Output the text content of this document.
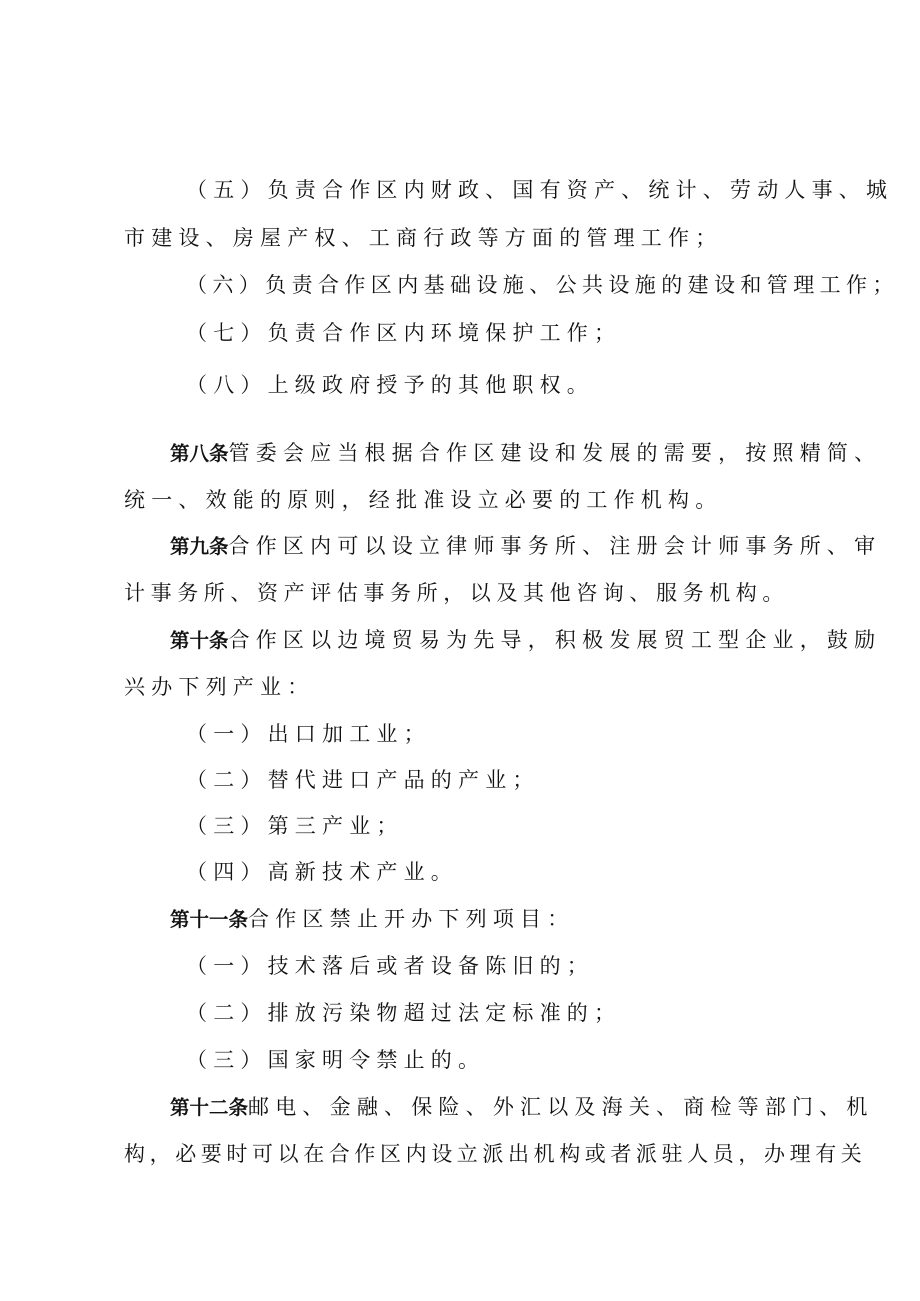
（五）负责合作区内财政、国有资产、统计、劳动人事、城
市建设、房屋产权、工商行政等方面的管理工作；
（六）负责合作区内基础设施、公共设施的建设和管理工作；
（七）负责合作区内环境保护工作；
（八）上级政府授予的其他职权。
第八条管委会应当根据合作区建设和发展的需要，按照精简、
统一、效能的原则，经批准设立必要的工作机构。
第九条合作区内可以设立律师事务所、注册会计师事务所、审
计事务所、资产评估事务所，以及其他咨询、服务机构。
第十条合作区以边境贸易为先导，积极发展贸工型企业，鼓励
兴办下列产业：
（一）出口加工业；
（二）替代进口产品的产业；
（三）第三产业；
（四）高新技术产业。
第十一条合作区禁止开办下列项目：
（一）技术落后或者设备陈旧的；
（二）排放污染物超过法定标准的；
（三）国家明令禁止的。
第十二条邮电、金融、保险、外汇以及海关、商检等部门、机
构，必要时可以在合作区内设立派出机构或者派驻人员，办理有关
